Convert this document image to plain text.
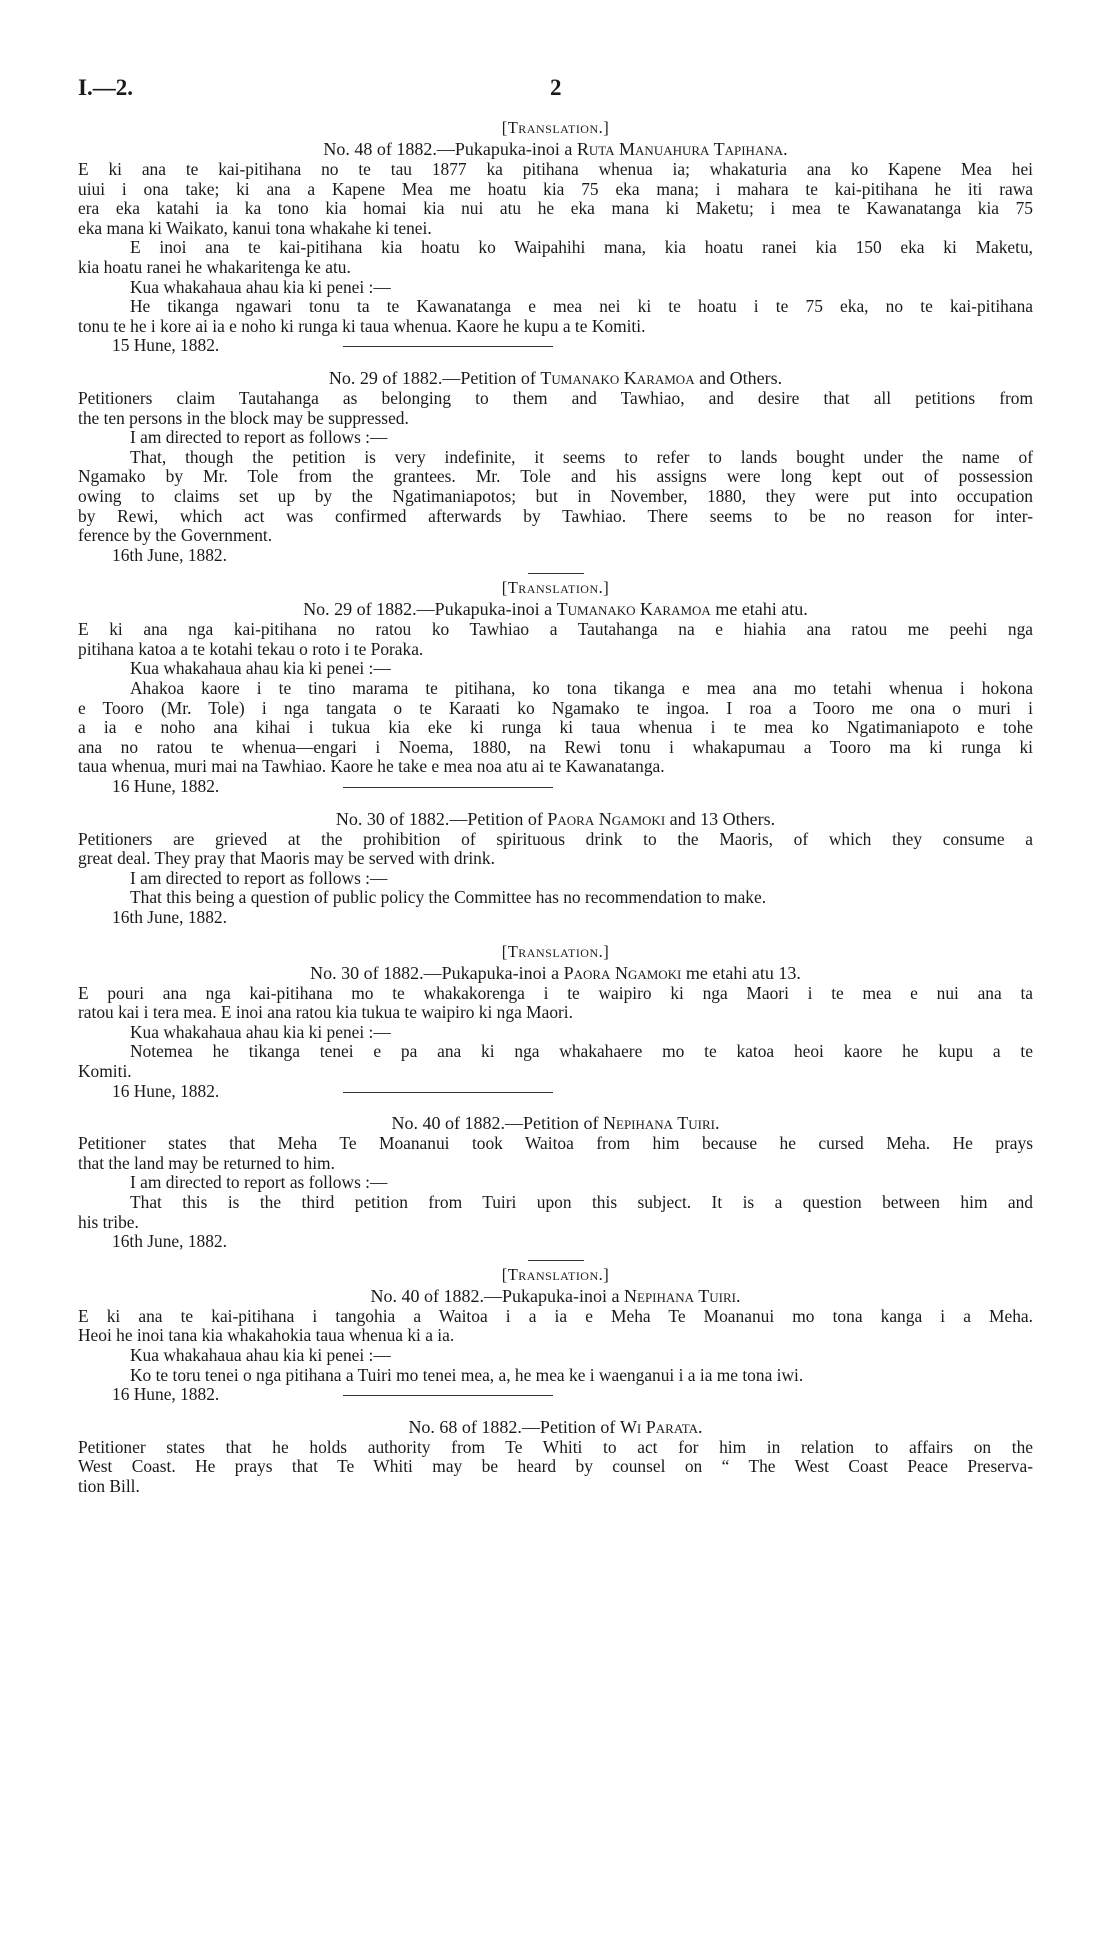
I.—2.	2
[Translation.]
No. 48 of 1882.—Pukapuka-inoi a Ruta Manuahura Tapihana.
E ki ana te kai-pitihana no te tau 1877 ka pitihana whenua ia; whakaturia ana ko Kapene Mea hei
uiui i ona take; ki ana a Kapene Mea me hoatu kia 75 eka mana; i mahara te kai-pitihana he iti rawa
era eka katahi ia ka tono kia homai kia nui atu he eka mana ki Maketu; i mea te Kawanatanga kia 75
eka mana ki Waikato, kanui tona whakahe ki tenei.
E inoi ana te kai-pitihana kia hoatu ko Waipahihi mana, kia hoatu ranei kia 150 eka ki Maketu,
kia hoatu ranei he whakaritenga ke atu.
Kua whakahaua ahau kia ki penei :—
He tikanga ngawari tonu ta te Kawanatanga e mea nei ki te hoatu i te 75 eka, no te kai-pitihana
tonu te he i kore ai ia e noho ki runga ki taua whenua. Kaore he kupu a te Komiti.
15 Hune, 1882.
No. 29 of 1882.—Petition of Tumanako Karamoa and Others.
Petitioners claim Tautahanga as belonging to them and Tawhiao, and desire that all petitions from
the ten persons in the block may be suppressed.
I am directed to report as follows :—
That, though the petition is very indefinite, it seems to refer to lands bought under the name of
Ngamako by Mr. Tole from the grantees. Mr. Tole and his assigns were long kept out of possession
owing to claims set up by the Ngatimaniapotos; but in November, 1880, they were put into occupation
by Rewi, which act was confirmed afterwards by Tawhiao. There seems to be no reason for inter-
ference by the Government.
16th June, 1882.
[Translation.]
No. 29 of 1882.—Pukapuka-inoi a Tumanako Karamoa me etahi atu.
E ki ana nga kai-pitihana no ratou ko Tawhiao a Tautahanga na e hiahia ana ratou me peehi nga
pitihana katoa a te kotahi tekau o roto i te Poraka.
Kua whakahaua ahau kia ki penei :—
Ahakoa kaore i te tino marama te pitihana, ko tona tikanga e mea ana mo tetahi whenua i hokona
e Tooro (Mr. Tole) i nga tangata o te Karaati ko Ngamako te ingoa. I roa a Tooro me ona o muri i
a ia e noho ana kihai i tukua kia eke ki runga ki taua whenua i te mea ko Ngatimaniapoto e tohe
ana no ratou te whenua—engari i Noema, 1880, na Rewi tonu i whakapumau a Tooro ma ki runga ki
taua whenua, muri mai na Tawhiao. Kaore he take e mea noa atu ai te Kawanatanga.
16 Hune, 1882.
No. 30 of 1882.—Petition of Paora Ngamoki and 13 Others.
Petitioners are grieved at the prohibition of spirituous drink to the Maoris, of which they consume a
great deal. They pray that Maoris may be served with drink.
I am directed to report as follows :—
That this being a question of public policy the Committee has no recommendation to make.
16th June, 1882.
[Translation.]
No. 30 of 1882.—Pukapuka-inoi a Paora Ngamoki me etahi atu 13.
E pouri ana nga kai-pitihana mo te whakakorenga i te waipiro ki nga Maori i te mea e nui ana ta
ratou kai i tera mea. E inoi ana ratou kia tukua te waipiro ki nga Maori.
Kua whakahaua ahau kia ki penei :—
Notemea he tikanga tenei e pa ana ki nga whakahaere mo te katoa heoi kaore he kupu a te
Komiti.
16 Hune, 1882.
No. 40 of 1882.—Petition of Nepihana Tuiri.
Petitioner states that Meha Te Moananui took Waitoa from him because he cursed Meha. He prays
that the land may be returned to him.
I am directed to report as follows :—
That this is the third petition from Tuiri upon this subject. It is a question between him and
his tribe.
16th June, 1882.
[Translation.]
No. 40 of 1882.—Pukapuka-inoi a Nepihana Tuiri.
E ki ana te kai-pitihana i tangohia a Waitoa i a ia e Meha Te Moananui mo tona kanga i a Meha.
Heoi he inoi tana kia whakahokia taua whenua ki a ia.
Kua whakahaua ahau kia ki penei :—
Ko te toru tenei o nga pitihana a Tuiri mo tenei mea, a, he mea ke i waenganui i a ia me tona iwi.
16 Hune, 1882.
No. 68 of 1882.—Petition of Wi Parata.
Petitioner states that he holds authority from Te Whiti to act for him in relation to affairs on the
West Coast. He prays that Te Whiti may be heard by counsel on “ The West Coast Peace Preserva-
tion Bill.
